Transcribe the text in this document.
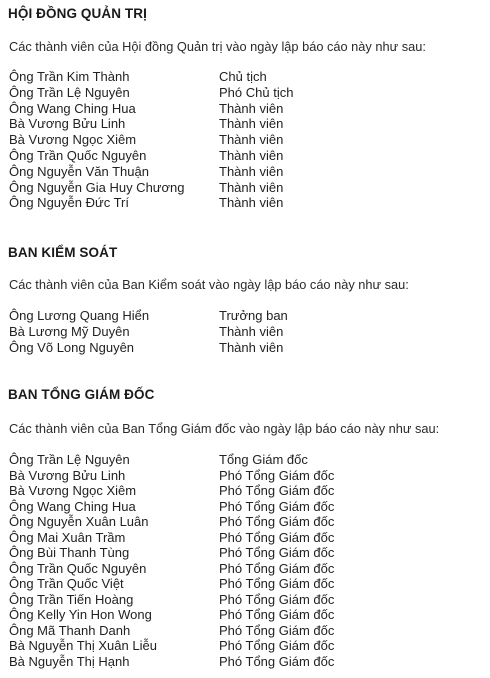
HỘI ĐỒNG QUẢN TRỊ
Các thành viên của Hội đồng Quản trị vào ngày lập báo cáo này như sau:
Ông Trần Kim Thành	Chủ tịch
Ông Trần Lệ Nguyên	Phó Chủ tịch
Ông Wang Ching Hua	Thành viên
Bà Vương Bửu Linh	Thành viên
Bà Vương Ngọc Xiêm	Thành viên
Ông Trần Quốc Nguyên	Thành viên
Ông Nguyễn Văn Thuận	Thành viên
Ông Nguyễn Gia Huy Chương	Thành viên
Ông Nguyễn Đức Trí	Thành viên
BAN KIỂM SOÁT
Các thành viên của Ban Kiểm soát vào ngày lập báo cáo này như sau:
Ông Lương Quang Hiển	Trưởng ban
Bà Lương Mỹ Duyên	Thành viên
Ông Võ Long Nguyên	Thành viên
BAN TỔNG GIÁM ĐỐC
Các thành viên của Ban Tổng Giám đốc vào ngày lập báo cáo này như sau:
Ông Trần Lệ Nguyên	Tổng Giám đốc
Bà Vương Bửu Linh	Phó Tổng Giám đốc
Bà Vương Ngọc Xiêm	Phó Tổng Giám đốc
Ông Wang Ching Hua	Phó Tổng Giám đốc
Ông Nguyễn Xuân Luân	Phó Tổng Giám đốc
Ông Mai Xuân Trầm	Phó Tổng Giám đốc
Ông Bùi Thanh Tùng	Phó Tổng Giám đốc
Ông Trần Quốc Nguyên	Phó Tổng Giám đốc
Ông Trần Quốc Việt	Phó Tổng Giám đốc
Ông Trần Tiến Hoàng	Phó Tổng Giám đốc
Ông Kelly Yin Hon Wong	Phó Tổng Giám đốc
Ông Mã Thanh Danh	Phó Tổng Giám đốc
Bà Nguyễn Thị Xuân Liễu	Phó Tổng Giám đốc
Bà Nguyễn Thị Hạnh	Phó Tổng Giám đốc
